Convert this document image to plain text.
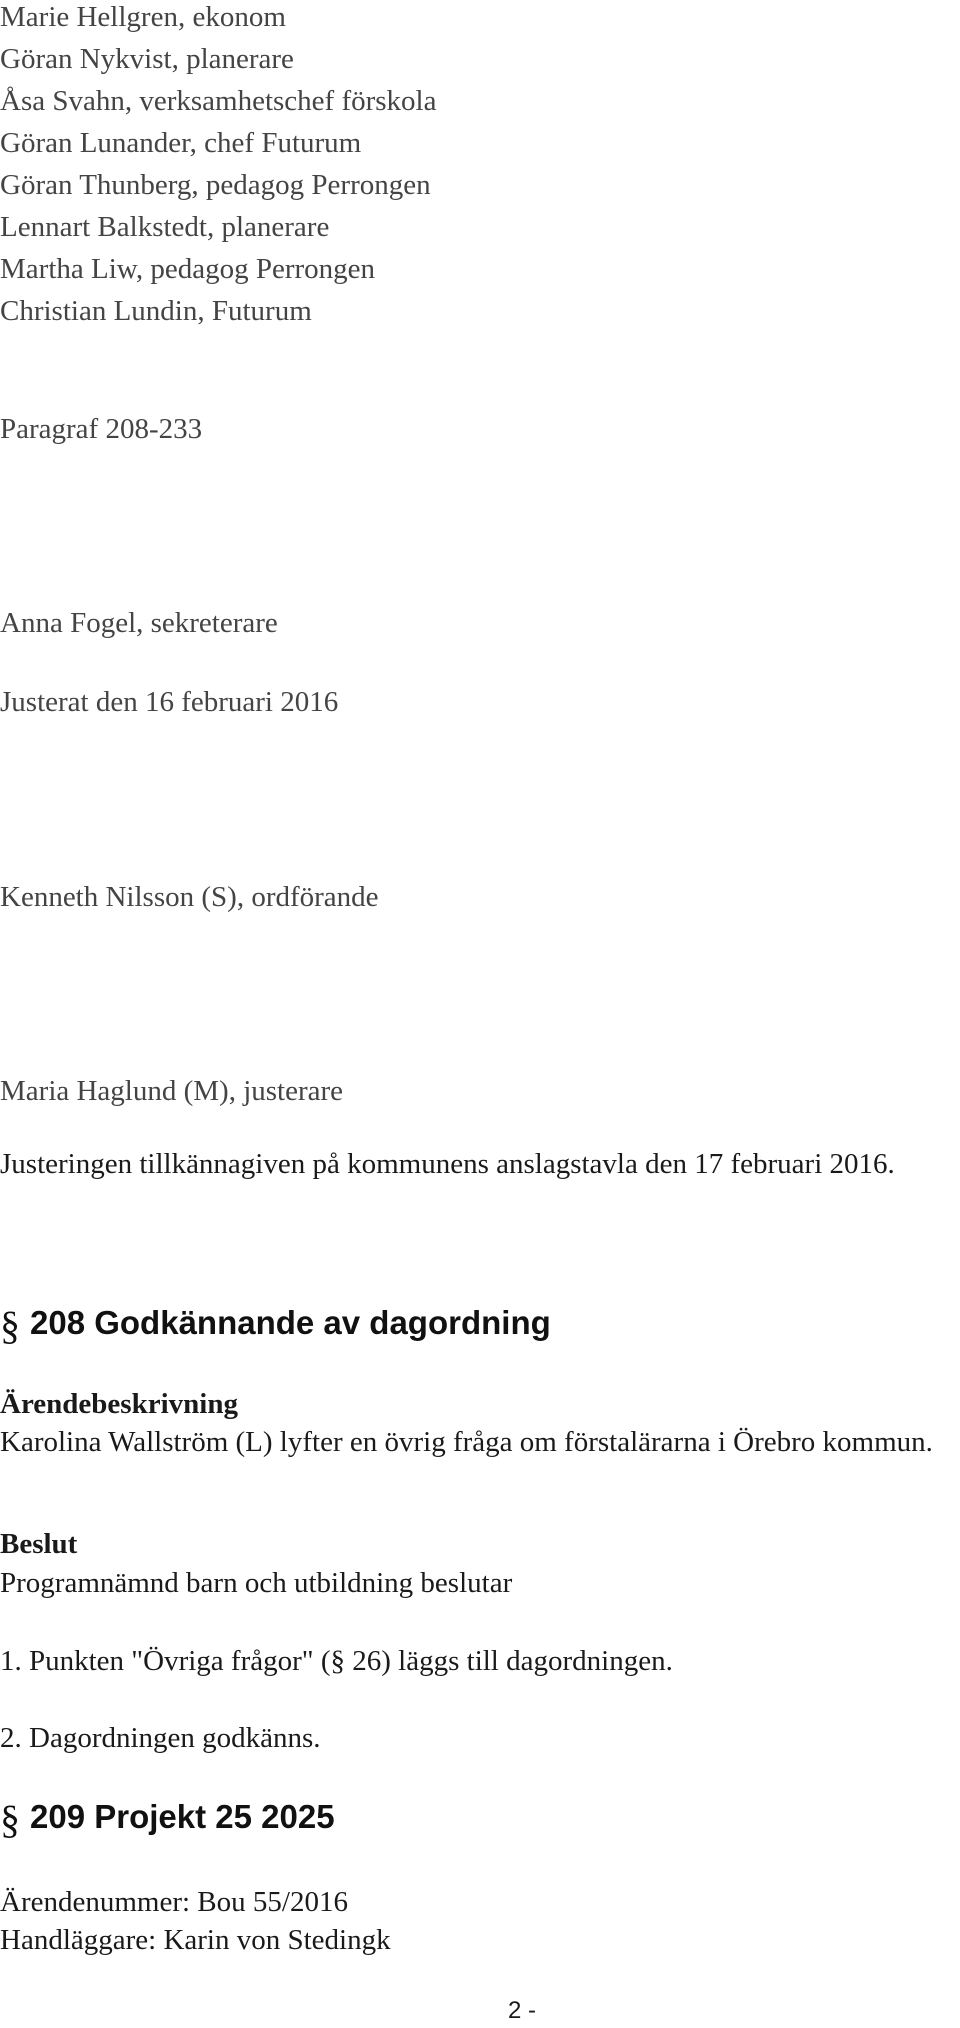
Marie Hellgren, ekonom
Göran Nykvist, planerare
Åsa Svahn, verksamhetschef förskola
Göran Lunander, chef Futurum
Göran Thunberg, pedagog Perrongen
Lennart Balkstedt, planerare
Martha Liw, pedagog Perrongen
Christian Lundin, Futurum
Paragraf 208-233
Anna Fogel, sekreterare
Justerat den 16 februari 2016
Kenneth Nilsson (S), ordförande
Maria Haglund (M), justerare
Justeringen tillkännagiven på kommunens anslagstavla den 17 februari 2016.
§ 208 Godkännande av dagordning
Ärendebeskrivning
Karolina Wallström (L) lyfter en övrig fråga om förstalärarna i Örebro kommun.
Beslut
Programnämnd barn och utbildning beslutar
1. Punkten "Övriga frågor" (§ 26) läggs till dagordningen.
2. Dagordningen godkänns.
§ 209 Projekt 25 2025
Ärendenummer: Bou 55/2016
Handläggare: Karin von Stedingk
2 -
